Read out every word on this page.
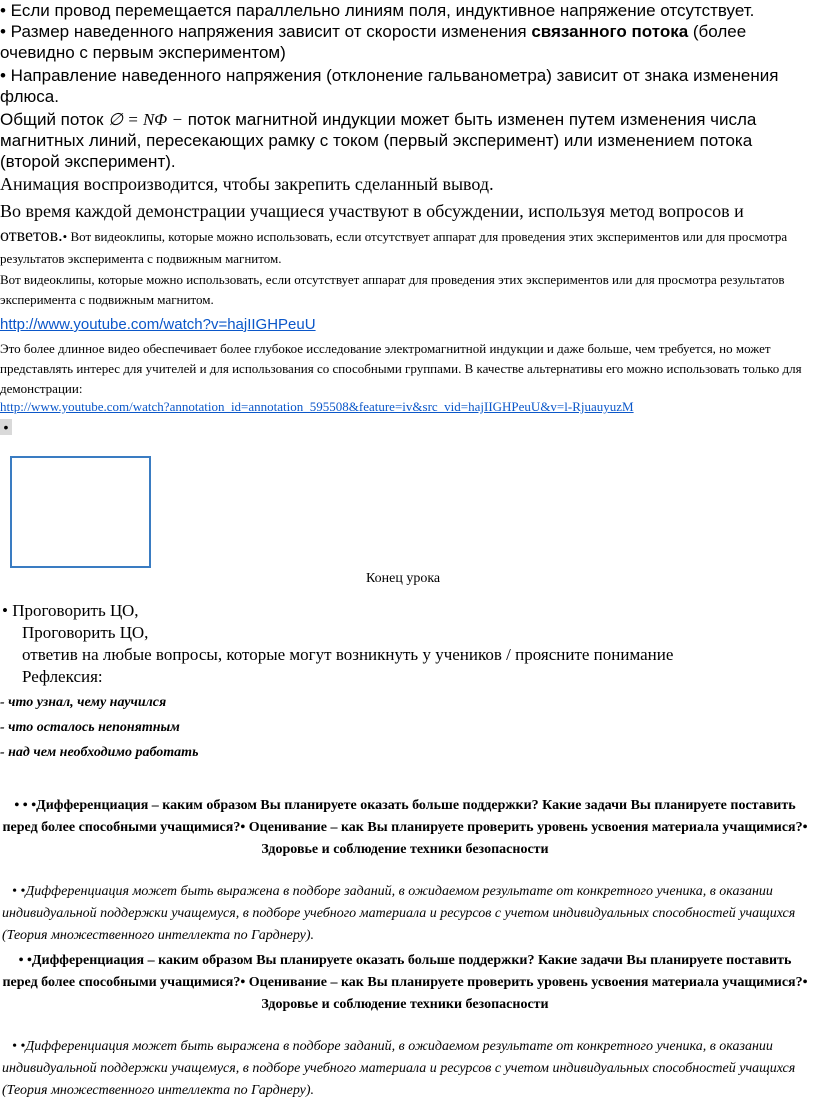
• Если провод перемещается параллельно линиям поля, индуктивное напряжение отсутствует.
• Размер наведенного напряжения зависит от скорости изменения связанного потока (более очевидно с первым экспериментом)
• Направление наведенного напряжения (отклонение гальванометра) зависит от знака изменения флюса.
Общий поток ∅ = NΦ − поток магнитной индукции может быть изменен путем изменения числа магнитных линий, пересекающих рамку с током (первый эксперимент) или изменением потока (второй эксперимент).
Анимация воспроизводится, чтобы закрепить сделанный вывод.
Во время каждой демонстрации учащиеся участвуют в обсуждении, используя метод вопросов и ответов.• Вот видеоклипы, которые можно использовать, если отсутствует аппарат для проведения этих экспериментов или для просмотра результатов эксперимента с подвижным магнитом.
Вот видеоклипы, которые можно использовать, если отсутствует аппарат для проведения этих экспериментов или для просмотра результатов эксперимента с подвижным магнитом.
http://www.youtube.com/watch?v=hajIIGHPeuU
Это более длинное видео обеспечивает более глубокое исследование электромагнитной индукции и даже больше, чем требуется, но может представлять интерес для учителей и для использования со способными группами. В качестве альтернативы его можно использовать только для демонстрации:
http://www.youtube.com/watch?annotation_id=annotation_595508&feature=iv&src_vid=hajIIGHPeuU&v=l-RjuauyuzM
•
Конец урока
• Проговорить ЦО,
Проговорить ЦО,
ответив на любые вопросы, которые могут возникнуть у учеников / проясните понимание
Рефлексия:
- что узнал, чему научился
- что осталось непонятным
- над чем необходимо работать
• • •Дифференциация – каким образом Вы планируете оказать больше поддержки? Какие задачи Вы планируете поставить перед более способными учащимися?• Оценивание – как Вы планируете проверить уровень усвоения материала учащимися?• Здоровье и соблюдение техники безопасности
• •Дифференциация может быть выражена в подборе заданий, в ожидаемом результате от конкретного ученика, в оказании индивидуальной поддержки учащемуся, в подборе учебного материала и ресурсов с учетом индивидуальных способностей учащихся (Теория множественного интеллекта по Гарднеру).
• •Дифференциация – каким образом Вы планируете оказать больше поддержки? Какие задачи Вы планируете поставить перед более способными учащимися?• Оценивание – как Вы планируете проверить уровень усвоения материала учащимися?• Здоровье и соблюдение техники безопасности
• •Дифференциация может быть выражена в подборе заданий, в ожидаемом результате от конкретного ученика, в оказании индивидуальной поддержки учащемуся, в подборе учебного материала и ресурсов с учетом индивидуальных способностей учащихся (Теория множественного интеллекта по Гарднеру).
